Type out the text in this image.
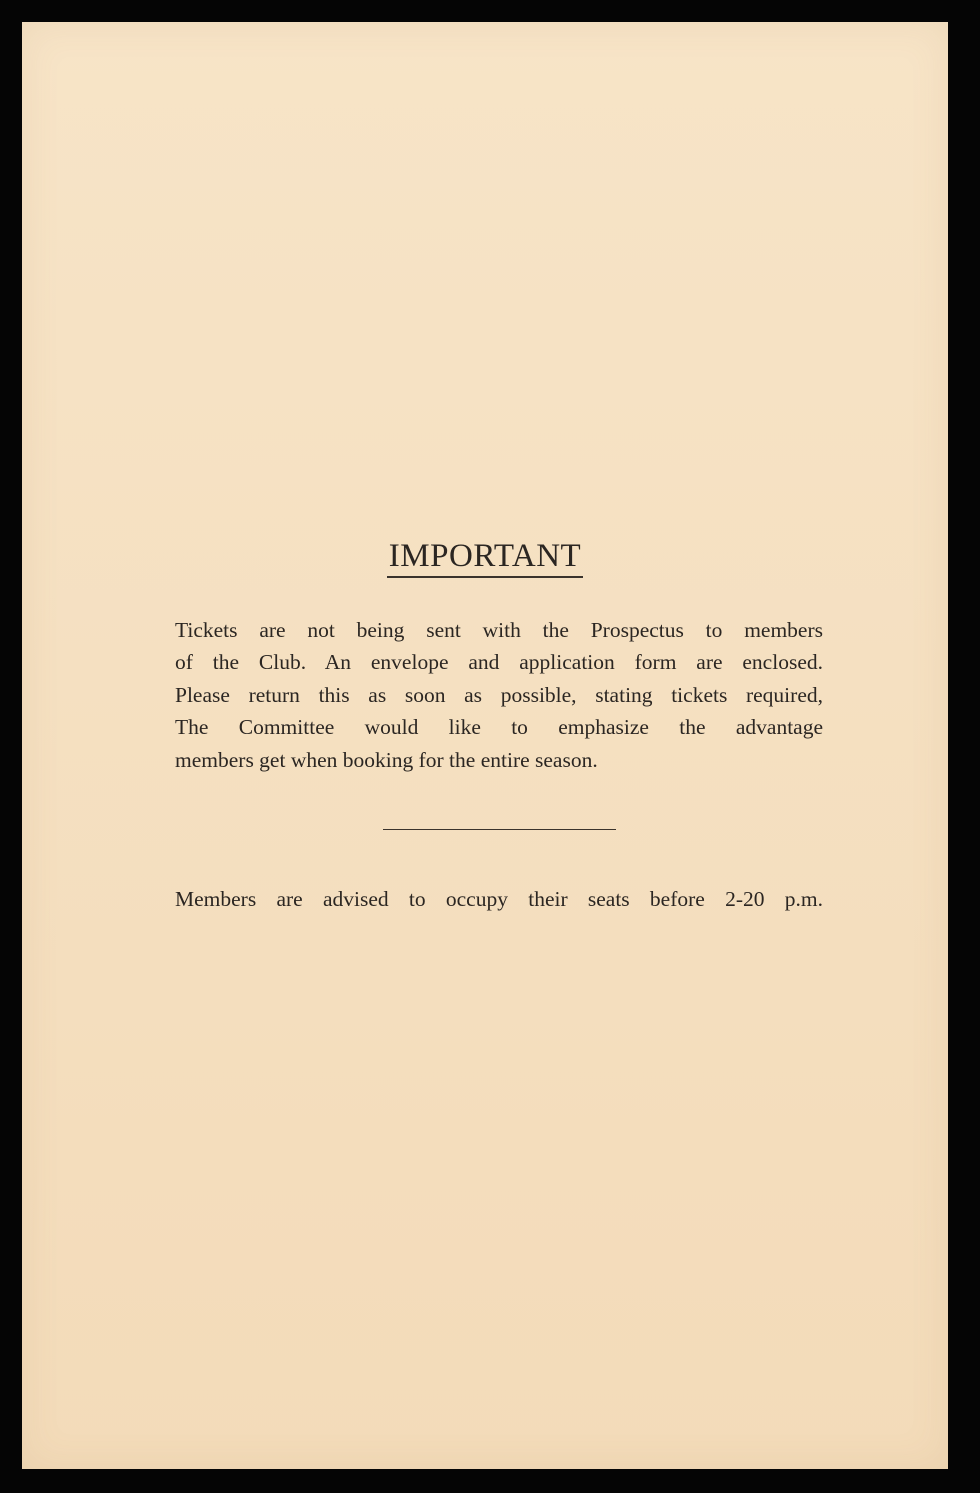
IMPORTANT
Tickets are not being sent with the Prospectus to members
of the Club. An envelope and application form are enclosed.
Please return this as soon as possible, stating tickets required,
The Committee would like to emphasize the advantage
members get when booking for the entire season.
Members are advised to occupy their seats before 2-20 p.m.
